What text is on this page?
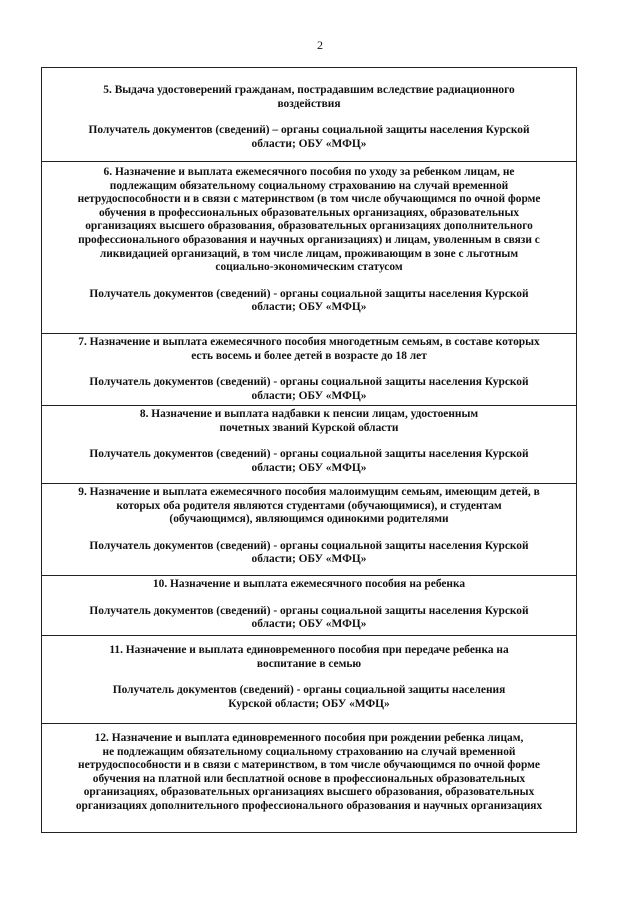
2

5. Выдача удостоверений гражданам, пострадавшим вследствие радиационного
воздействия

Получатель документов (сведений) – органы социальной защиты населения Курской
области; ОБУ «МФЦ»

6. Назначение и выплата ежемесячного пособия по уходу за ребенком лицам, не
подлежащим обязательному социальному страхованию на случай временной
нетрудоспособности и в связи с материнством (в том числе обучающимся по очной форме
обучения в профессиональных образовательных организациях, образовательных
организациях высшего образования, образовательных организациях дополнительного
профессионального образования и научных организациях) и лицам, уволенным в связи с
ликвидацией организаций, в том числе лицам, проживающим в зоне с льготным
социально-экономическим статусом

Получатель документов (сведений) - органы социальной защиты населения Курской
области; ОБУ «МФЦ»

7. Назначение и выплата ежемесячного пособия многодетным семьям, в составе которых
есть восемь и более детей в возрасте до 18 лет

Получатель документов (сведений) - органы социальной защиты населения Курской
области; ОБУ «МФЦ»

8. Назначение и выплата надбавки к пенсии лицам, удостоенным
почетных званий Курской области

Получатель документов (сведений) - органы социальной защиты населения Курской
области; ОБУ «МФЦ»

9. Назначение и выплата ежемесячного пособия малоимущим семьям, имеющим детей, в
которых оба родителя являются студентами (обучающимися), и студентам
(обучающимся), являющимся одинокими родителями

Получатель документов (сведений) - органы социальной защиты населения Курской
области; ОБУ «МФЦ»

10. Назначение и выплата ежемесячного пособия на ребенка

Получатель документов (сведений) - органы социальной защиты населения Курской
области; ОБУ «МФЦ»

11. Назначение и выплата единовременного пособия при передаче ребенка на
воспитание в семью

Получатель документов (сведений) - органы социальной защиты населения
Курской области; ОБУ «МФЦ»

12. Назначение и выплата единовременного пособия при рождении ребенка лицам,
не подлежащим обязательному социальному страхованию на случай временной
нетрудоспособности и в связи с материнством, в том числе обучающимся по очной форме
обучения на платной или бесплатной основе в профессиональных образовательных
организациях, образовательных организациях высшего образования, образовательных
организациях дополнительного профессионального образования и научных организациях
